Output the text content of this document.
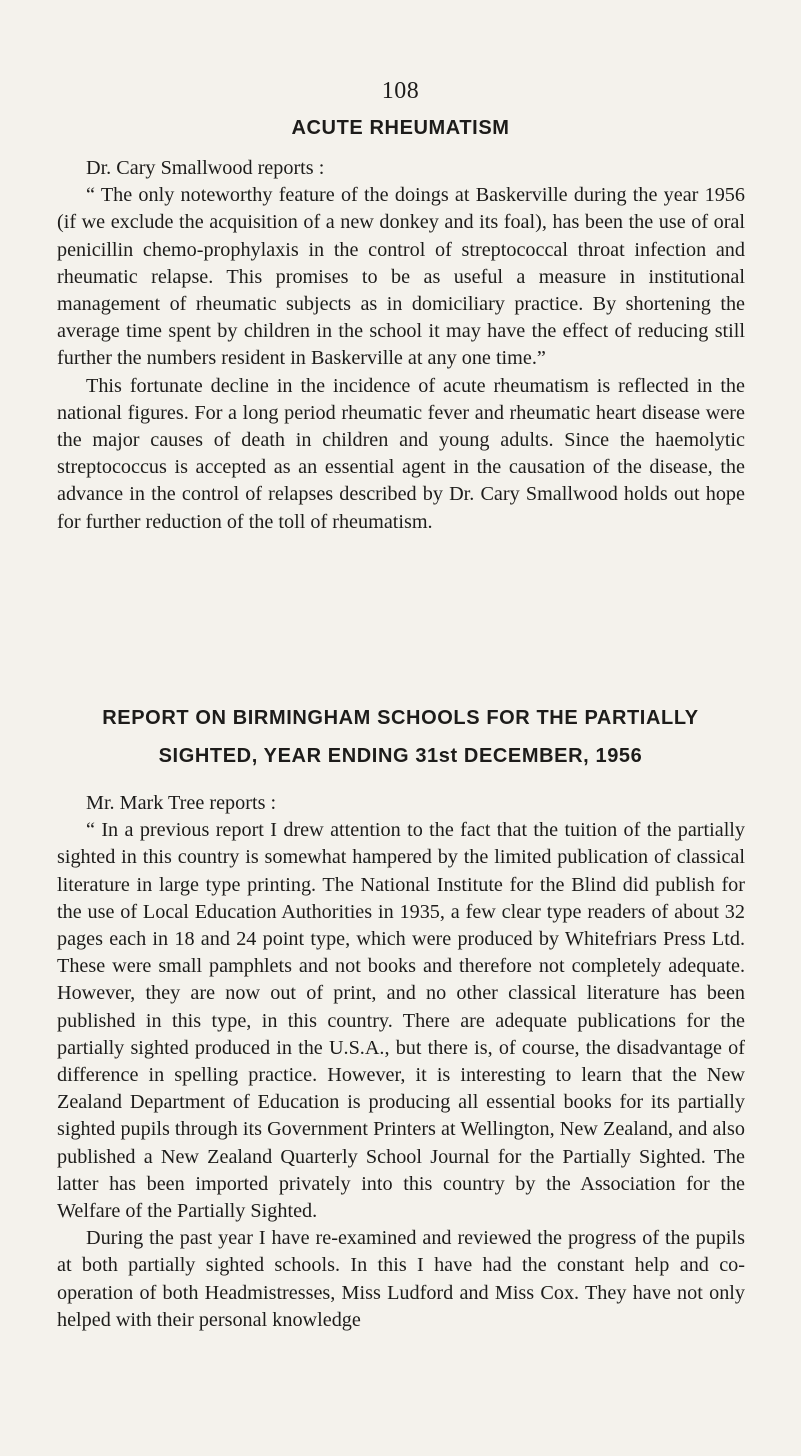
108
ACUTE RHEUMATISM

Dr. Cary Smallwood reports :

“ The only noteworthy feature of the doings at Baskerville during the year 1956 (if we exclude the acquisition of a new donkey and its foal), has been the use of oral penicillin chemo-prophylaxis in the control of streptococcal throat infection and rheumatic relapse. This promises to be as useful a measure in institutional management of rheumatic subjects as in domiciliary practice. By shortening the average time spent by children in the school it may have the effect of reducing still further the numbers resident in Baskerville at any one time.”

This fortunate decline in the incidence of acute rheumatism is reflected in the national figures. For a long period rheumatic fever and rheumatic heart disease were the major causes of death in children and young adults. Since the haemolytic streptococcus is accepted as an essential agent in the causation of the disease, the advance in the control of relapses described by Dr. Cary Smallwood holds out hope for further reduction of the toll of rheumatism.

REPORT ON BIRMINGHAM SCHOOLS FOR THE PARTIALLY
SIGHTED, YEAR ENDING 31st DECEMBER, 1956

Mr. Mark Tree reports :

“ In a previous report I drew attention to the fact that the tuition of the partially sighted in this country is somewhat hampered by the limited publication of classical literature in large type printing. The National Institute for the Blind did publish for the use of Local Education Authorities in 1935, a few clear type readers of about 32 pages each in 18 and 24 point type, which were produced by Whitefriars Press Ltd. These were small pamphlets and not books and therefore not completely adequate. However, they are now out of print, and no other classical literature has been published in this type, in this country. There are adequate publications for the partially sighted produced in the U.S.A., but there is, of course, the disadvantage of difference in spelling practice. However, it is interesting to learn that the New Zealand Department of Education is producing all essential books for its partially sighted pupils through its Government Printers at Wellington, New Zealand, and also published a New Zealand Quarterly School Journal for the Partially Sighted. The latter has been imported privately into this country by the Association for the Welfare of the Partially Sighted.

During the past year I have re-examined and reviewed the progress of the pupils at both partially sighted schools. In this I have had the constant help and co-operation of both Headmistresses, Miss Ludford and Miss Cox. They have not only helped with their personal knowledge
